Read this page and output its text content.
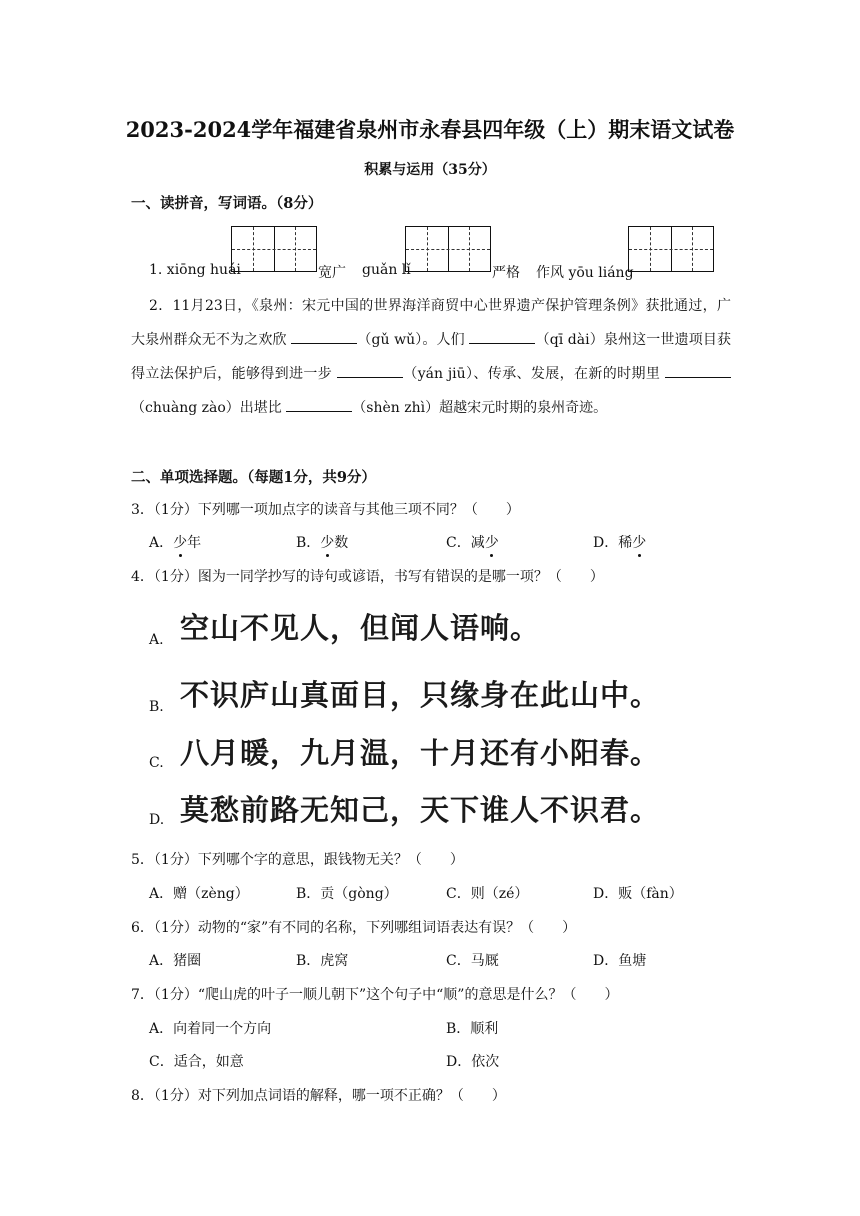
2023-2024学年福建省泉州市永春县四年级（上）期末语文试卷
积累与运用（35分）
一、读拼音，写词语。（8分）
1. xiōng huái	宽广 guǎn lǐ	严格 作风 yōu liáng
2．11月23日，《泉州：宋元中国的世界海洋商贸中心世界遗产保护管理条例》获批通过，广大泉州群众无不为之欢欣	（gǔ wǔ）。人们	（qī dài）泉州这一世遗项目获得立法保护后，能够得到进一步	（yán jiū）、传承、发展，在新的时期里 （chuàng zào）出堪比	（shèn zhì）超越宋元时期的泉州奇迹。
二、单项选择题。（每题1分，共9分）
3．（1分）下列哪一项加点字的读音与其他三项不同？（　　）
A．少年	B．少数	C．减少	D．稀少
4．（1分）图为一同学抄写的诗句或谚语，书写有错误的是哪一项？（　　）
A. 空山不见人，但闻人语响。
B. 不识庐山真面目，只缘身在此山中。
C. 八月暖，九月温，十月还有小阳春。
D. 莫愁前路无知己，天下谁人不识君。
5．（1分）下列哪个字的意思，跟钱物无关？（　　）
A．赠（zèng）	B．贡（gòng）	C．则（zé）	D．贩（fàn）
6．（1分）动物的“家”有不同的名称，下列哪组词语表达有误？（　　）
A．猪圈	B．虎窝	C．马厩	D．鱼塘
7．（1分）“爬山虎的叶子一顺儿朝下”这个句子中“顺”的意思是什么？（　　）
A．向着同一个方向	B．顺利
C．适合，如意	D．依次
8．（1分）对下列加点词语的解释，哪一项不正确？（　　）
